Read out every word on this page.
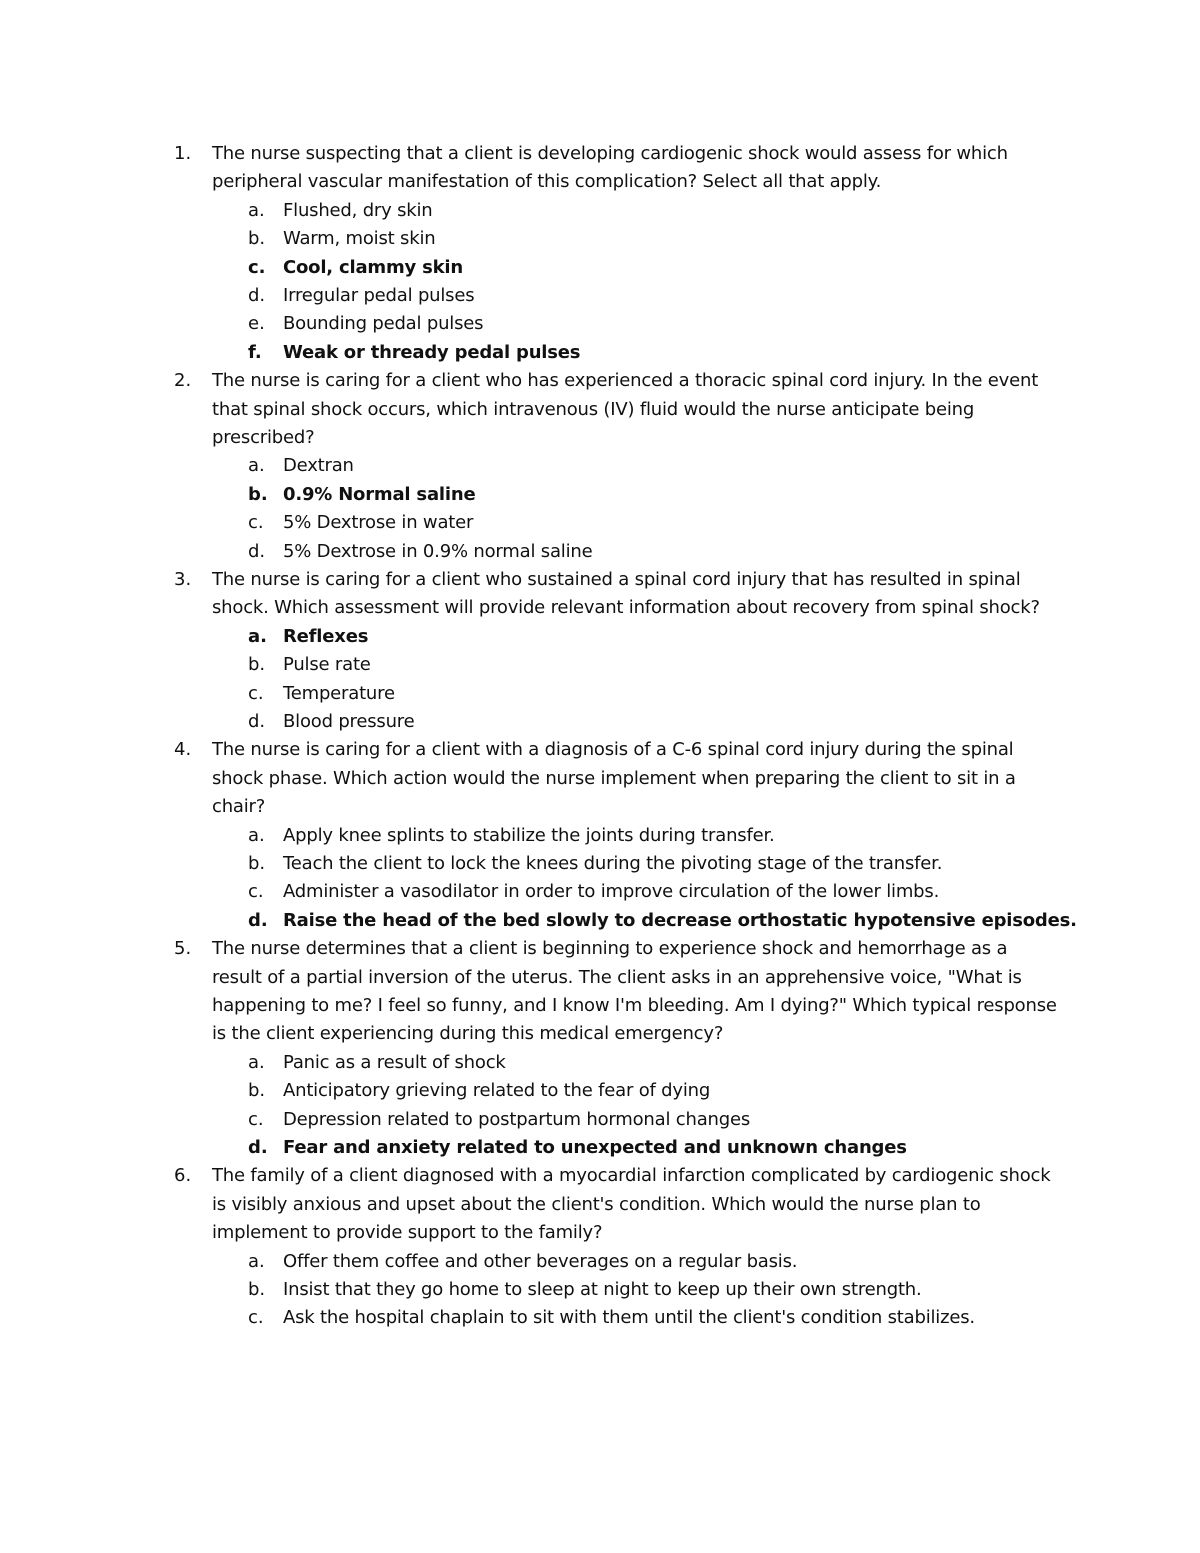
1. The nurse suspecting that a client is developing cardiogenic shock would assess for which peripheral vascular manifestation of this complication? Select all that apply.
a. Flushed, dry skin
b. Warm, moist skin
c. Cool, clammy skin
d. Irregular pedal pulses
e. Bounding pedal pulses
f. Weak or thready pedal pulses
2. The nurse is caring for a client who has experienced a thoracic spinal cord injury. In the event that spinal shock occurs, which intravenous (IV) fluid would the nurse anticipate being prescribed?
a. Dextran
b. 0.9% Normal saline
c. 5% Dextrose in water
d. 5% Dextrose in 0.9% normal saline
3. The nurse is caring for a client who sustained a spinal cord injury that has resulted in spinal shock. Which assessment will provide relevant information about recovery from spinal shock?
a. Reflexes
b. Pulse rate
c. Temperature
d. Blood pressure
4. The nurse is caring for a client with a diagnosis of a C-6 spinal cord injury during the spinal shock phase. Which action would the nurse implement when preparing the client to sit in a chair?
a. Apply knee splints to stabilize the joints during transfer.
b. Teach the client to lock the knees during the pivoting stage of the transfer.
c. Administer a vasodilator in order to improve circulation of the lower limbs.
d. Raise the head of the bed slowly to decrease orthostatic hypotensive episodes.
5. The nurse determines that a client is beginning to experience shock and hemorrhage as a result of a partial inversion of the uterus. The client asks in an apprehensive voice, "What is happening to me? I feel so funny, and I know I'm bleeding. Am I dying?" Which typical response is the client experiencing during this medical emergency?
a. Panic as a result of shock
b. Anticipatory grieving related to the fear of dying
c. Depression related to postpartum hormonal changes
d. Fear and anxiety related to unexpected and unknown changes
6. The family of a client diagnosed with a myocardial infarction complicated by cardiogenic shock is visibly anxious and upset about the client's condition. Which would the nurse plan to implement to provide support to the family?
a. Offer them coffee and other beverages on a regular basis.
b. Insist that they go home to sleep at night to keep up their own strength.
c. Ask the hospital chaplain to sit with them until the client's condition stabilizes.
